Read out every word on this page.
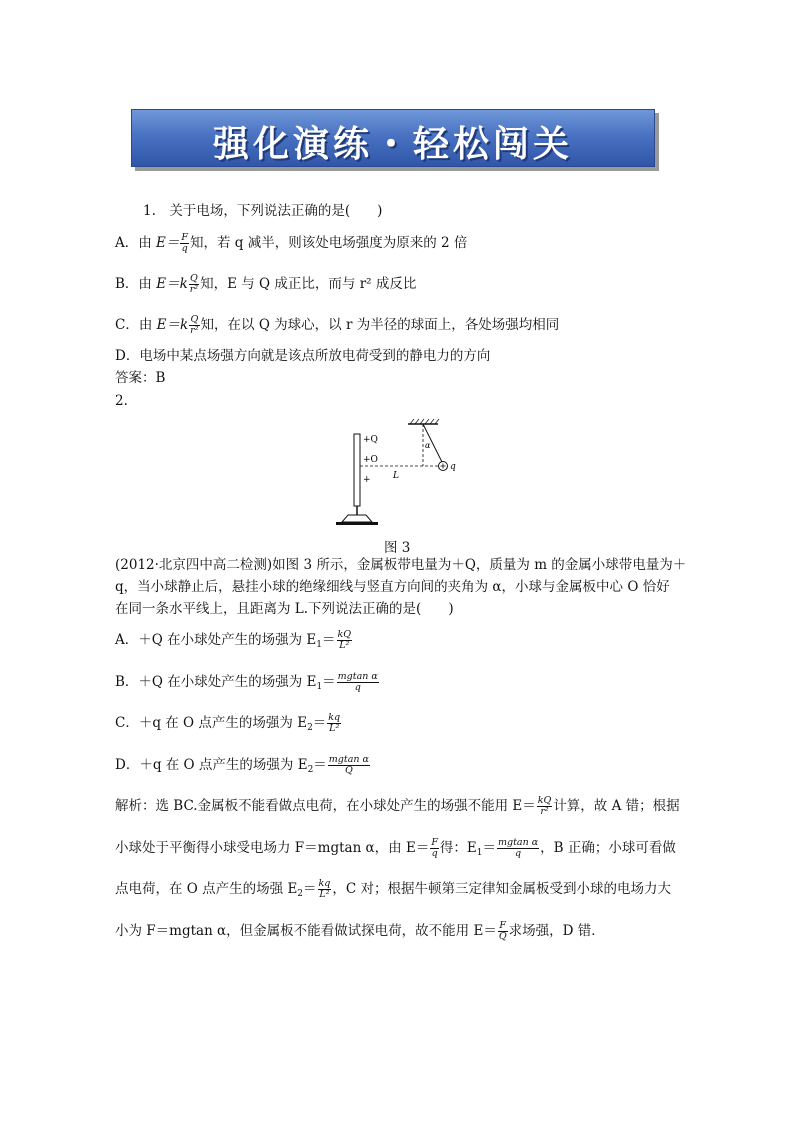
强化演练・轻松闯关
1.　关于电场，下列说法正确的是(　　)
A．由 $E= \frac{F}{q}$ 知，若 q 减半，则该处电场强度为原来的 2 倍
B．由 $E=k \frac{Q}{\text{r²}}$ 知，E 与 Q 成正比，而与 r² 成反比
C．由 $E=k \frac{Q}{\text{r²}}$ 知，在以 Q 为球心，以 r 为半径的球面上，各处场强均相同
D．电场中某点场强方向就是该点所放电荷受到的静电力的方向
答案：B
2.
+Q
+O
+ L
α
q
图 3
(2012·北京四中高二检测)如图 3 所示，金属板带电量为＋Q，质量为 m 的金属小球带电量为＋
q，当小球静止后，悬挂小球的绝缘细线与竖直方向间的夹角为 α，小球与金属板中心 O 恰好
在同一条水平线上，且距离为 L.下列说法正确的是(　　)
A．＋Q 在小球处产生的场强为 $E_1= \frac{kQ}{\text{L²}}$
B．＋Q 在小球处产生的场强为 $E_1= \frac{\text{mgtan α}}{q}$
C．＋q 在 O 点产生的场强为 $E_2= \frac{kq}{\text{L²}}$
D．＋q 在 O 点产生的场强为 $E_2= \frac{\text{mgtan α}}{Q}$
解析：选 BC.金属板不能看做点电荷，在小球处产生的场强不能用 $E= \frac{kQ}{\text{r²}}$ 计算，故 A 错；根据
小球处于平衡得小球受电场力 F＝mgtan α，由 $E= \frac{F}{q}$ 得：$E_1= \frac{\text{mgtan α}}{q}$ ，B 正确；小球可看做
点电荷，在 O 点产生的场强 $E_2= \frac{kq}{\text{L²}}$ ，C 对；根据牛顿第三定律知金属板受到小球的电场力大
小为 F＝mgtan α，但金属板不能看做试探电荷，故不能用 $E= \frac{F}{Q}$ 求场强，D 错．
